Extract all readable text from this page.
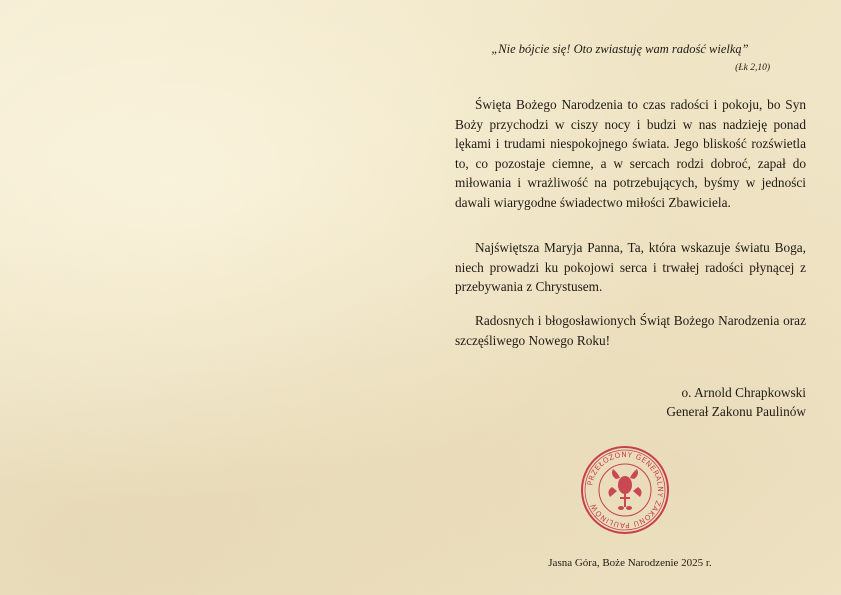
„Nie bójcie się! Oto zwiastuję wam radość wielką”
(Łk 2,10)

Święta Bożego Narodzenia to czas radości i pokoju, bo Syn Boży przychodzi w ciszy nocy i budzi w nas nadzieję ponad lękami i trudami niespokojnego świata. Jego bliskość rozświetla to, co pozostaje ciemne, a w sercach rodzi dobroć, zapał do miłowania i wrażliwość na potrzebujących, byśmy w jedności dawali wiarygodne świadectwo miłości Zbawiciela.

Najświętsza Maryja Panna, Ta, która wskazuje światu Boga, niech prowadzi ku pokojowi serca i trwałej radości płynącej z przebywania z Chrystusem.

Radosnych i błogosławionych Świąt Bożego Narodzenia oraz szczęśliwego Nowego Roku!

o. Arnold Chrapkowski
Generał Zakonu Paulinów
PRZEŁOŻONY GENERALNY ZAKONU PAULINÓW
Jasna Góra, Boże Narodzenie 2025 r.
